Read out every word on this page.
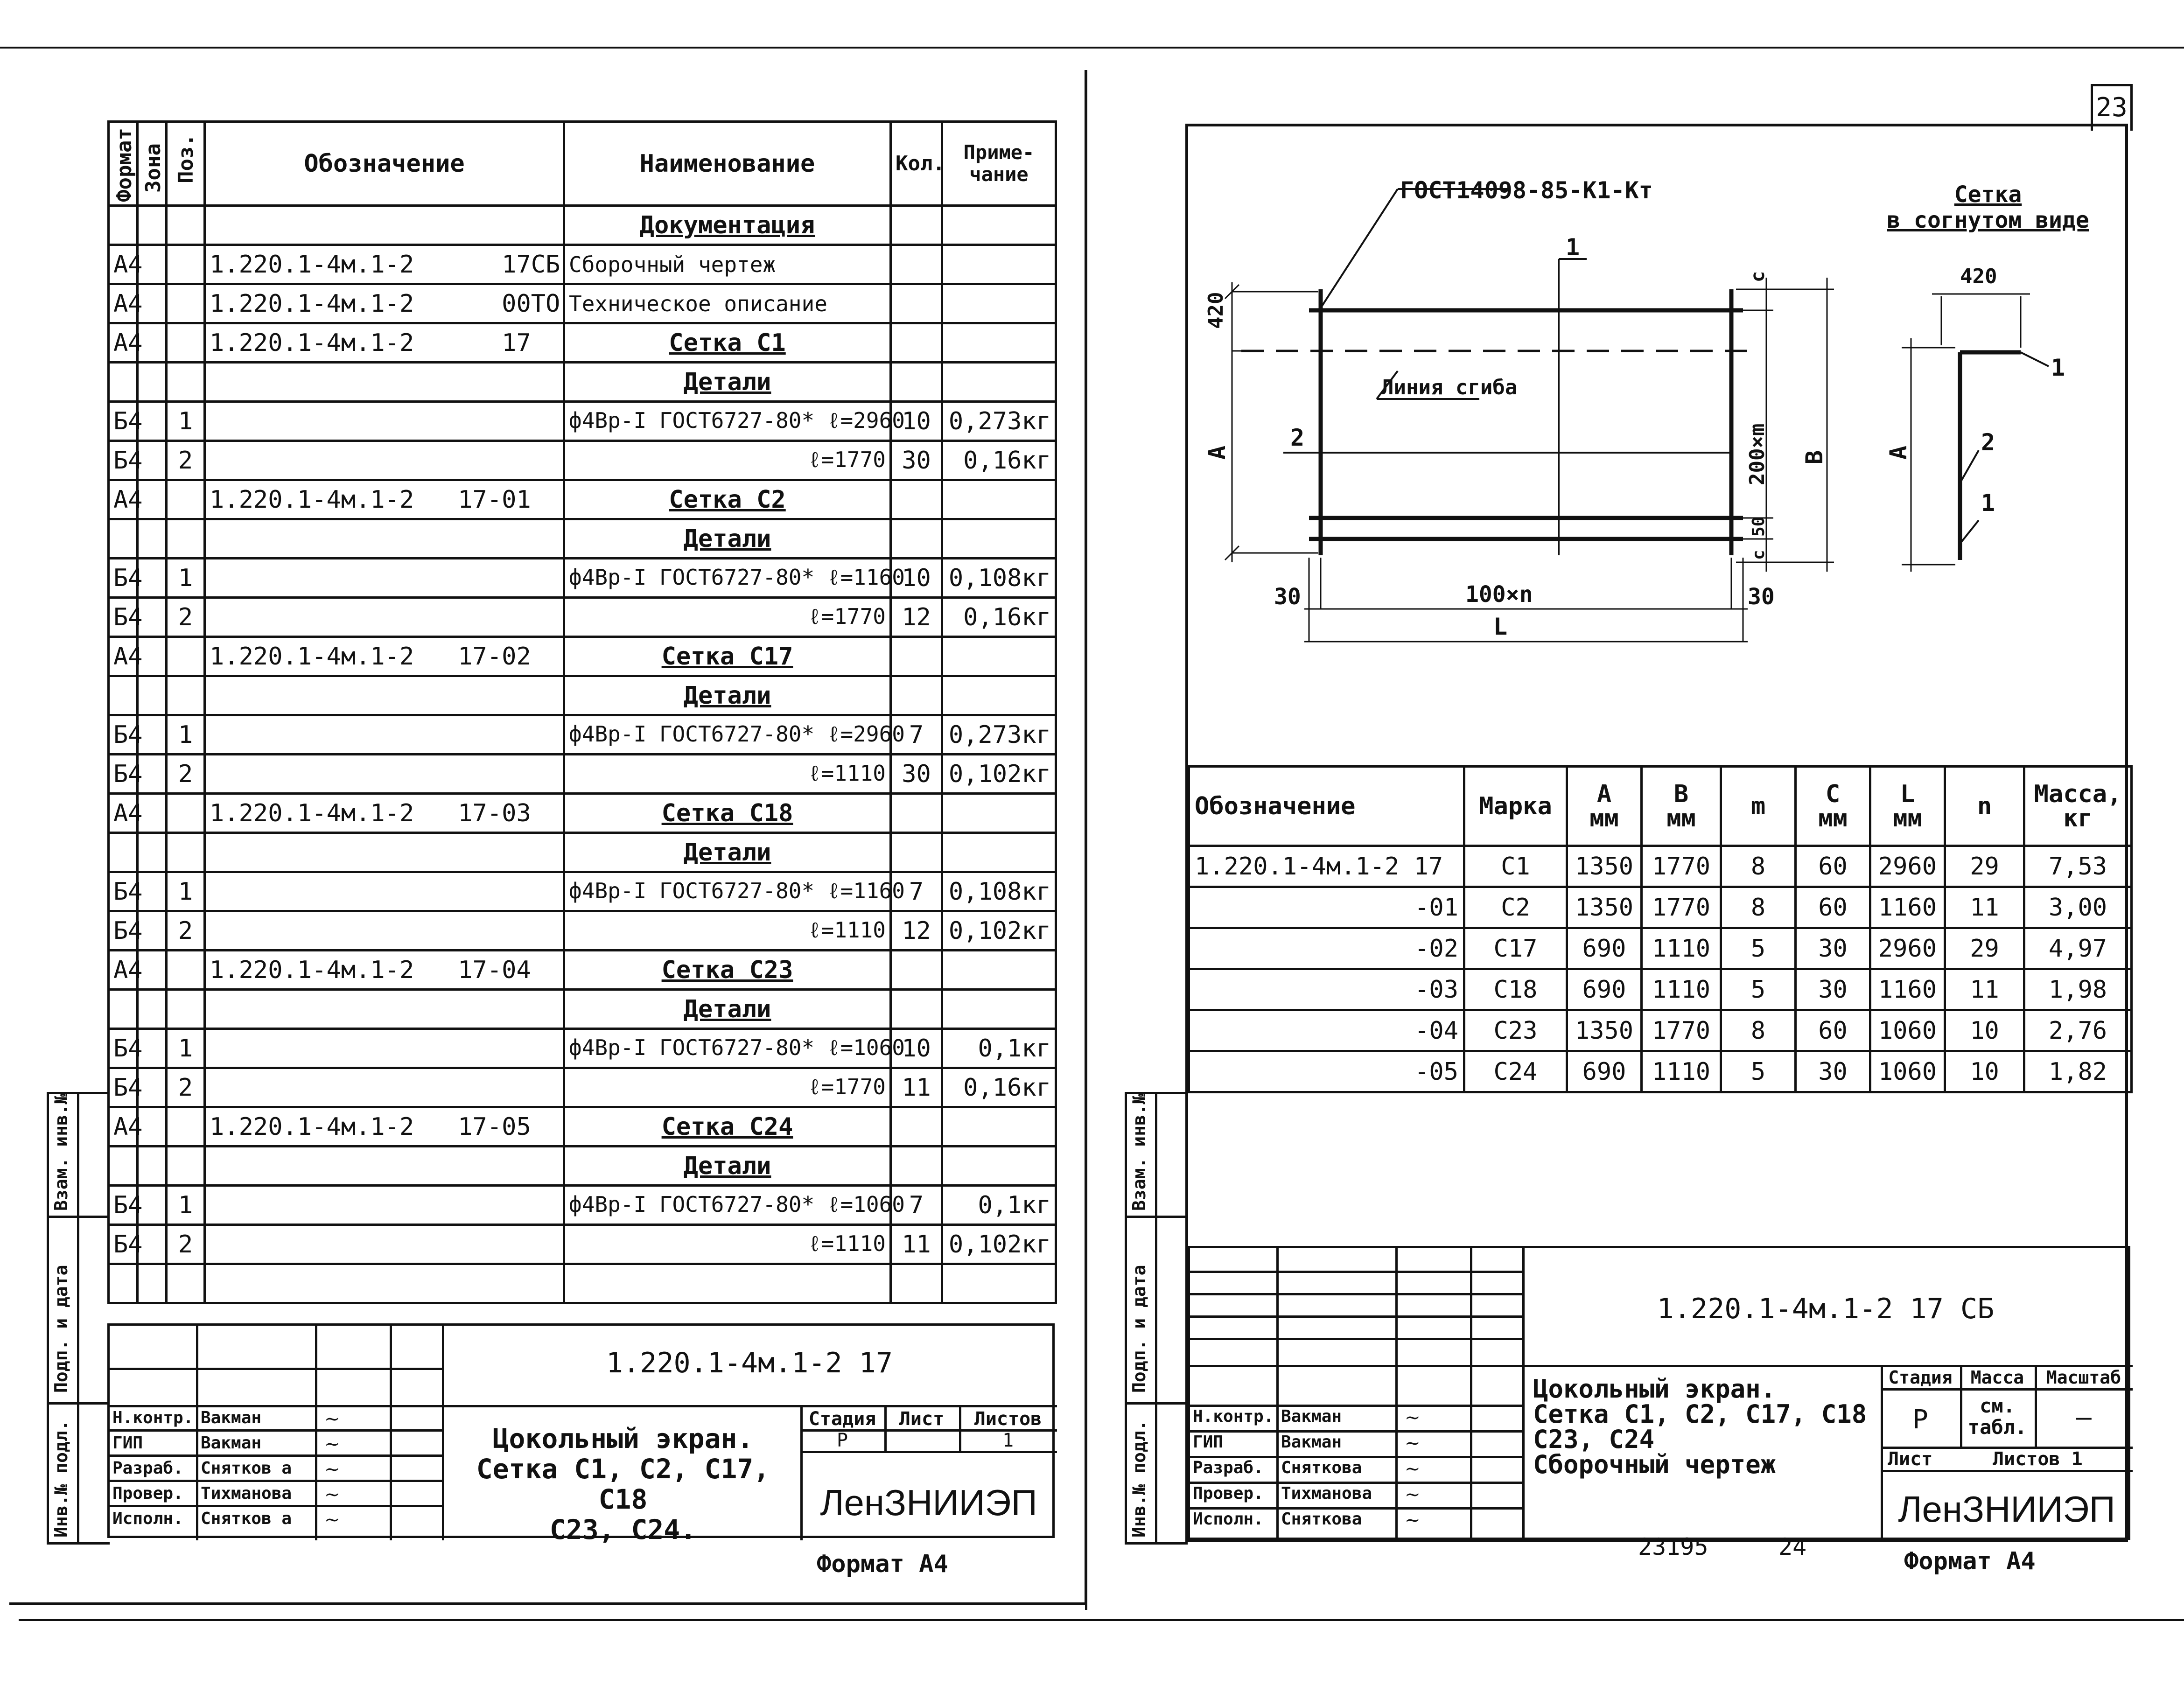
Формат	Зона	Поз.	Обозначение	Наименование	Кол.	Приме-
чание
				Документация		
А4			1.220.1-4м.1-2      17СБ	Сборочный чертеж		
А4			1.220.1-4м.1-2      00ТО	Техническое описание		
А4			1.220.1-4м.1-2      17	Сетка С1		
				Детали		
Б4		1		ф4Вр-I ГОСТ6727-80* ℓ=2960	10	0,273кг
Б4		2		ℓ=1770	30	0,16кг
А4			1.220.1-4м.1-2   17-01	Сетка С2		
				Детали		
Б4		1		ф4Вр-I ГОСТ6727-80* ℓ=1160	10	0,108кг
Б4		2		ℓ=1770	12	0,16кг
А4			1.220.1-4м.1-2   17-02	Сетка С17		
				Детали		
Б4		1		ф4Вр-I ГОСТ6727-80* ℓ=2960	7	0,273кг
Б4		2		ℓ=1110	30	0,102кг
А4			1.220.1-4м.1-2   17-03	Сетка С18		
				Детали		
Б4		1		ф4Вр-I ГОСТ6727-80* ℓ=1160	7	0,108кг
Б4		2		ℓ=1110	12	0,102кг
А4			1.220.1-4м.1-2   17-04	Сетка С23		
				Детали		
Б4		1		ф4Вр-I ГОСТ6727-80* ℓ=1060	10	0,1кг
Б4		2		ℓ=1770	11	0,16кг
А4			1.220.1-4м.1-2   17-05	Сетка С24		
				Детали		
Б4		1		ф4Вр-I ГОСТ6727-80* ℓ=1060	7	0,1кг
Б4		2		ℓ=1110	11	0,102кг

Инв.№ подл.
Подп. и дата
Взам. инв.№
Н.контр. Вакман	~
ГИП	Вакман	~
Разраб. Снятков а ~
Провер. Тихманова ~
Исполн. Снятков а ~
1.220.1-4м.1-2 17
Цокольный экран.
Сетка С1, С2, С17, С18
С23, С24.
Стадия	Лист	Листов
Р	1
ЛенЗНИИЭП
Формат А4
23
ГОСТ14098-85-К1-Кт
1
Линия сгиба
2
А
420
30	100×n
L
30
с
200×m
50
с
В А
420
1
2
1
Сетка
в согнутом виде
Обозначение	Марка	А
мм	В
мм	m	С
мм	L
мм	n	Масса,
кг
1.220.1-4м.1-2 17	С1	1350	1770	8	60	2960	29	7,53
-01	С2	1350	1770	8	60	1160	11	3,00
-02	С17	690	1110	5	30	2960	29	4,97
-03	С18	690	1110	5	30	1160	11	1,98
-04	С23	1350	1770	8	60	1060	10	2,76
-05	С24	690	1110	5	30	1060	10	1,82
Инв.№ подл.
Подп. и дата
Взам. инв.№
Н.контр. Вакман	~
ГИП	Вакман	~
Разраб. Сняткова ~
Провер. Тихманова ~
Исполн. Сняткова ~
1.220.1-4м.1-2 17 СБ
Цокольный экран.
Сетка С1, С2, С17, С18
С23, С24
Сборочный чертеж
Стадия	Масса	Масштаб
Р	см.
табл.	—
Лист	Листов 1
ЛенЗНИИЭП
23195     24
Формат А4
